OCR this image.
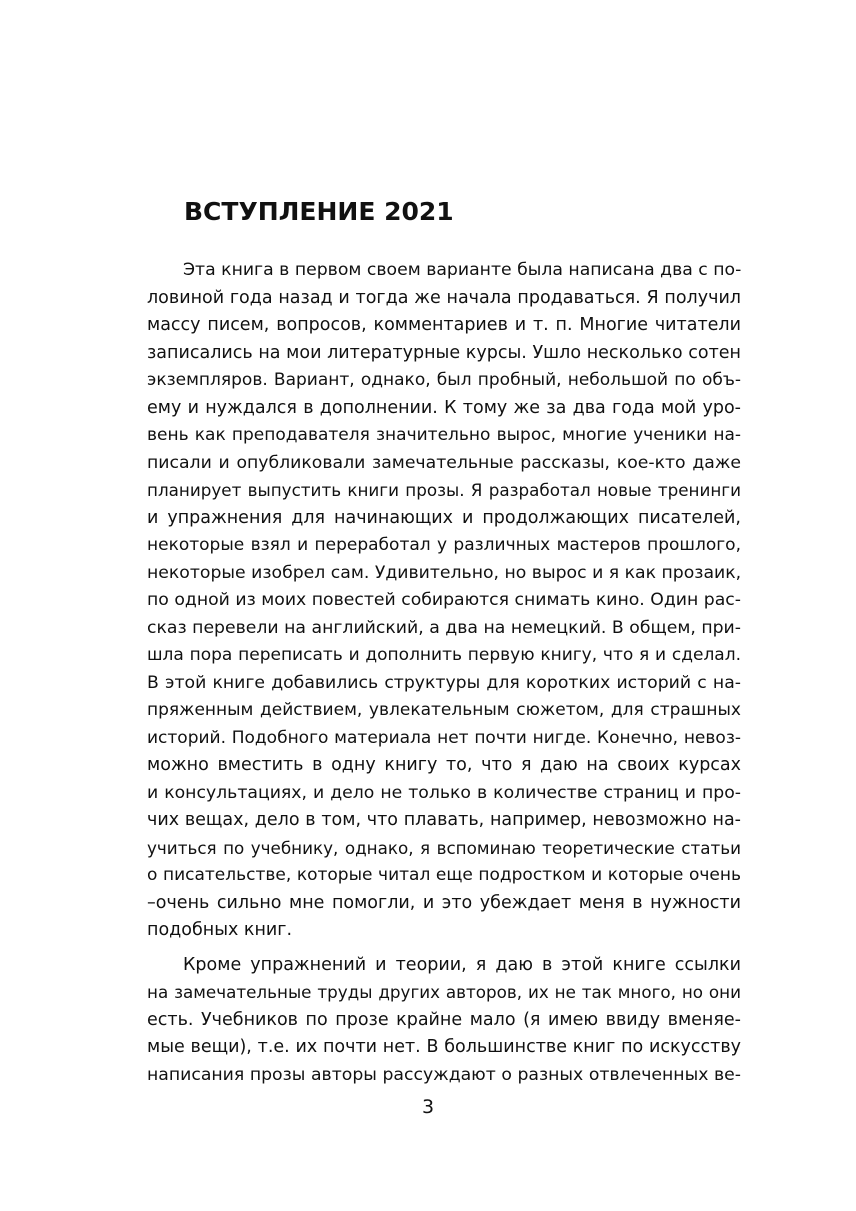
ВСТУПЛЕНИЕ 2021
Эта книга в первом своем варианте была написана два с по-
ловиной года назад и тогда же начала продаваться. Я получил
массу писем, вопросов, комментариев и т. п. Многие читатели
записались на мои литературные курсы. Ушло несколько сотен
экземпляров. Вариант, однако, был пробный, небольшой по объ-
ему и нуждался в дополнении. К тому же за два года мой уро-
вень как преподавателя значительно вырос, многие ученики на-
писали и опубликовали замечательные рассказы, кое-кто даже
планирует выпустить книги прозы. Я разработал новые тренинги
и упражнения для начинающих и продолжающих писателей,
некоторые взял и переработал у различных мастеров прошлого,
некоторые изобрел сам. Удивительно, но вырос и я как прозаик,
по одной из моих повестей собираются снимать кино. Один рас-
сказ перевели на английский, а два на немецкий. В общем, при-
шла пора переписать и дополнить первую книгу, что я и сделал.
В этой книге добавились структуры для коротких историй с на-
пряженным действием, увлекательным сюжетом, для страшных
историй. Подобного материала нет почти нигде. Конечно, невоз-
можно вместить в одну книгу то, что я даю на своих курсах
и консультациях, и дело не только в количестве страниц и про-
чих вещах, дело в том, что плавать, например, невозможно на-
учиться по учебнику, однако, я вспоминаю теоретические статьи
о писательстве, которые читал еще подростком и которые очень
–очень сильно мне помогли, и это убеждает меня в нужности
подобных книг.
Кроме упражнений и теории, я даю в этой книге ссылки
на замечательные труды других авторов, их не так много, но они
есть. Учебников по прозе крайне мало (я имею ввиду вменяе-
мые вещи), т.е. их почти нет. В большинстве книг по искусству
написания прозы авторы рассуждают о разных отвлеченных ве-
3
